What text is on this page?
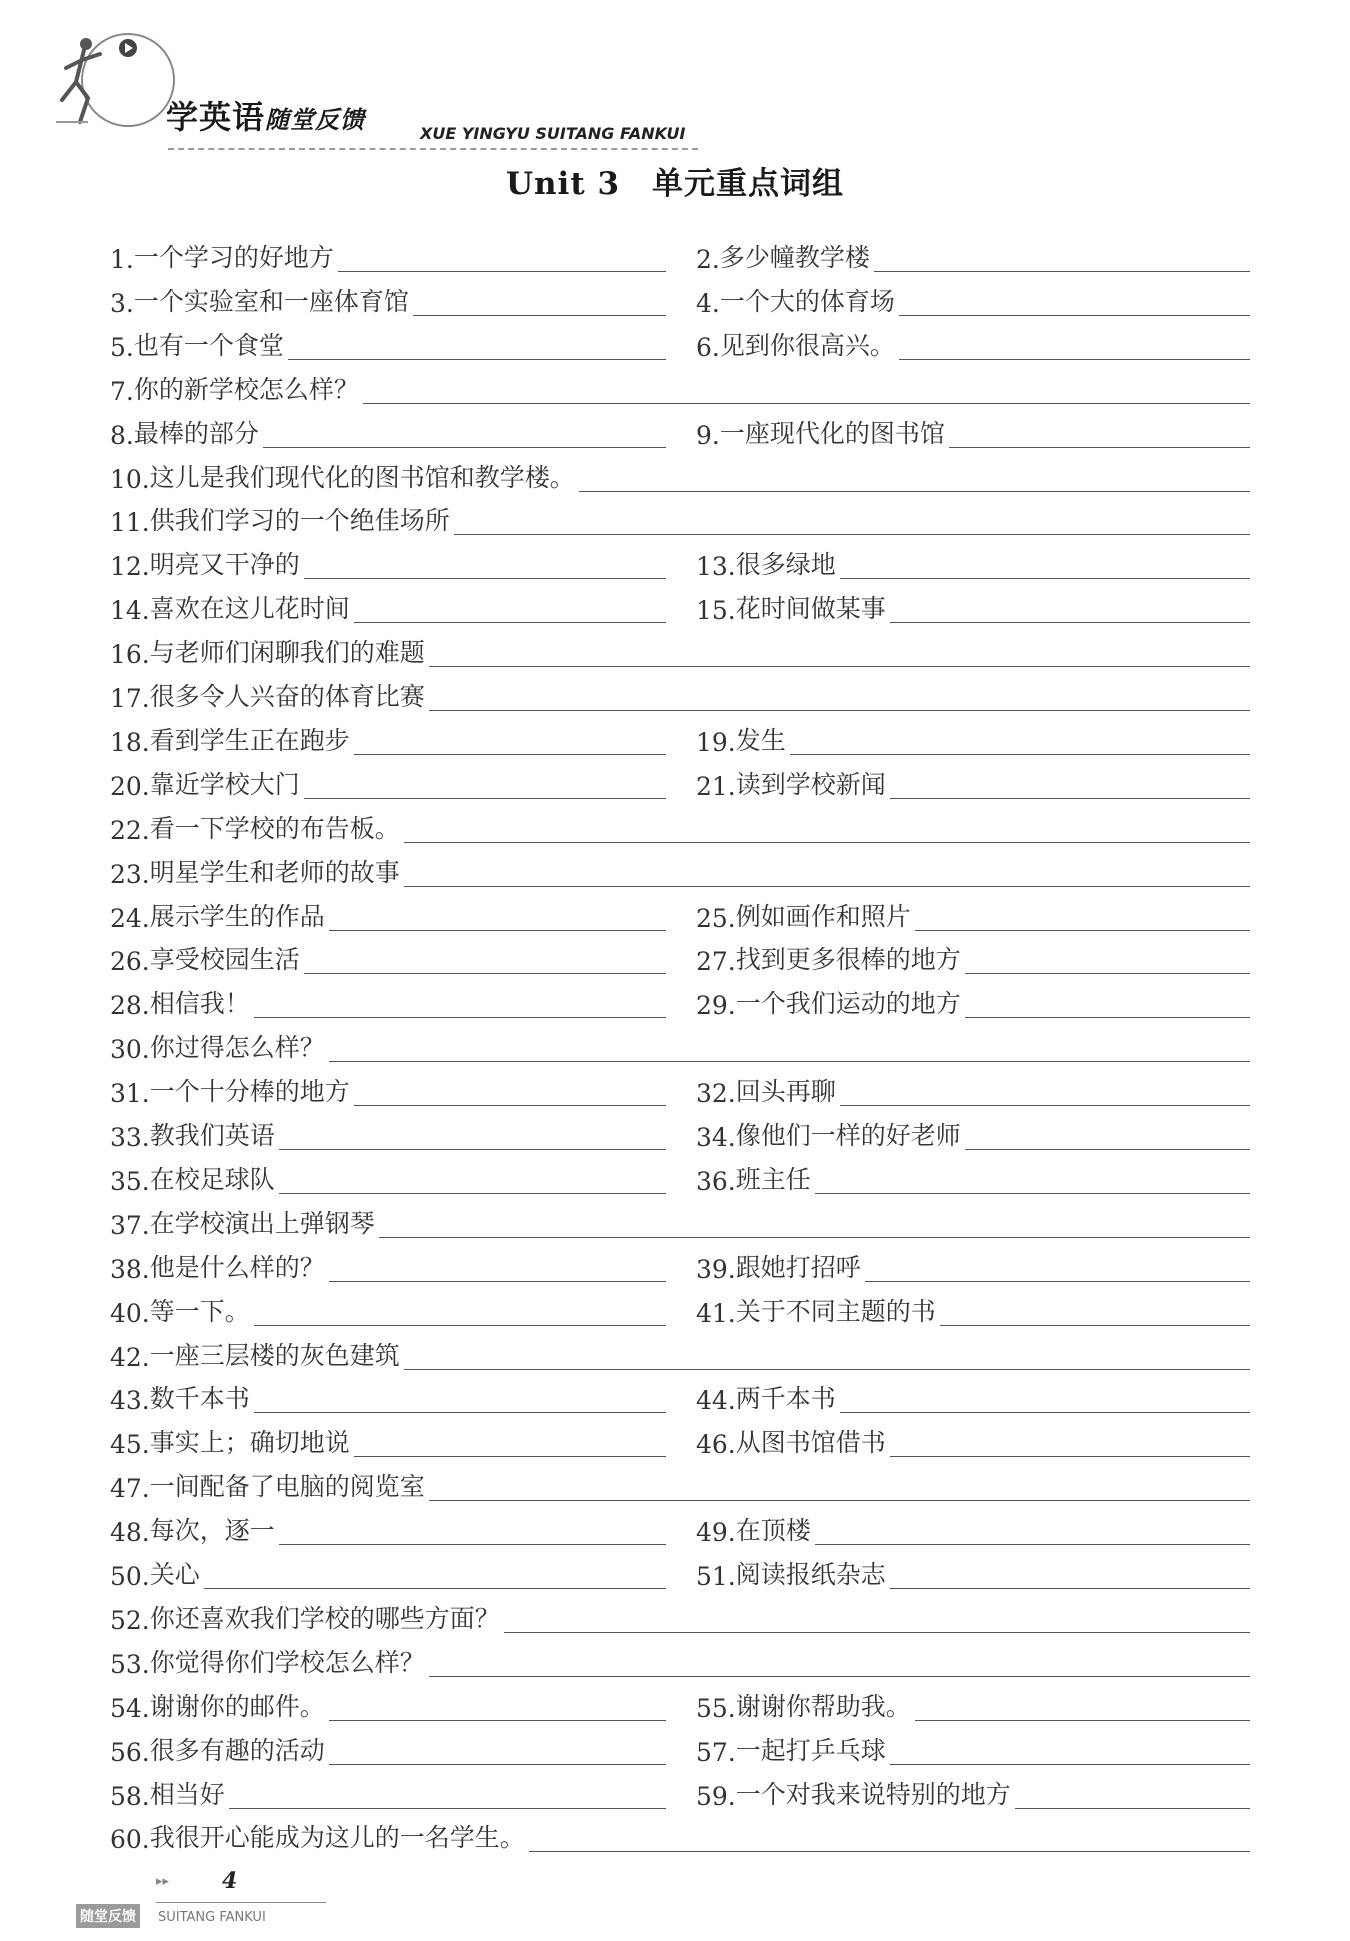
学英语随堂反馈	XUE YINGYU SUITANG FANKUI
Unit 3　单元重点词组
1. 一个学习的好地方	2. 多少幢教学楼
3. 一个实验室和一座体育馆	4. 一个大的体育场
5. 也有一个食堂	6. 见到你很高兴。
7. 你的新学校怎么样？
8. 最棒的部分	9. 一座现代化的图书馆
10. 这儿是我们现代化的图书馆和教学楼。
11. 供我们学习的一个绝佳场所
12. 明亮又干净的	13. 很多绿地
14. 喜欢在这儿花时间	15. 花时间做某事
16. 与老师们闲聊我们的难题
17. 很多令人兴奋的体育比赛
18. 看到学生正在跑步	19. 发生
20. 靠近学校大门	21. 读到学校新闻
22. 看一下学校的布告板。
23. 明星学生和老师的故事
24. 展示学生的作品	25. 例如画作和照片
26. 享受校园生活	27. 找到更多很棒的地方
28. 相信我！	29. 一个我们运动的地方
30. 你过得怎么样？
31. 一个十分棒的地方	32. 回头再聊
33. 教我们英语	34. 像他们一样的好老师
35. 在校足球队	36. 班主任
37. 在学校演出上弹钢琴
38. 他是什么样的？	39. 跟她打招呼
40. 等一下。	41. 关于不同主题的书
42. 一座三层楼的灰色建筑
43. 数千本书	44. 两千本书
45. 事实上；确切地说	46. 从图书馆借书
47. 一间配备了电脑的阅览室
48. 每次，逐一	49. 在顶楼
50. 关心	51. 阅读报纸杂志
52. 你还喜欢我们学校的哪些方面？
53. 你觉得你们学校怎么样？
54. 谢谢你的邮件。	55. 谢谢你帮助我。
56. 很多有趣的活动	57. 一起打乒乓球
58. 相当好	59. 一个对我来说特别的地方
60. 我很开心能成为这儿的一名学生。
▸▸ 4
随堂反馈	SUITANG FANKUI
